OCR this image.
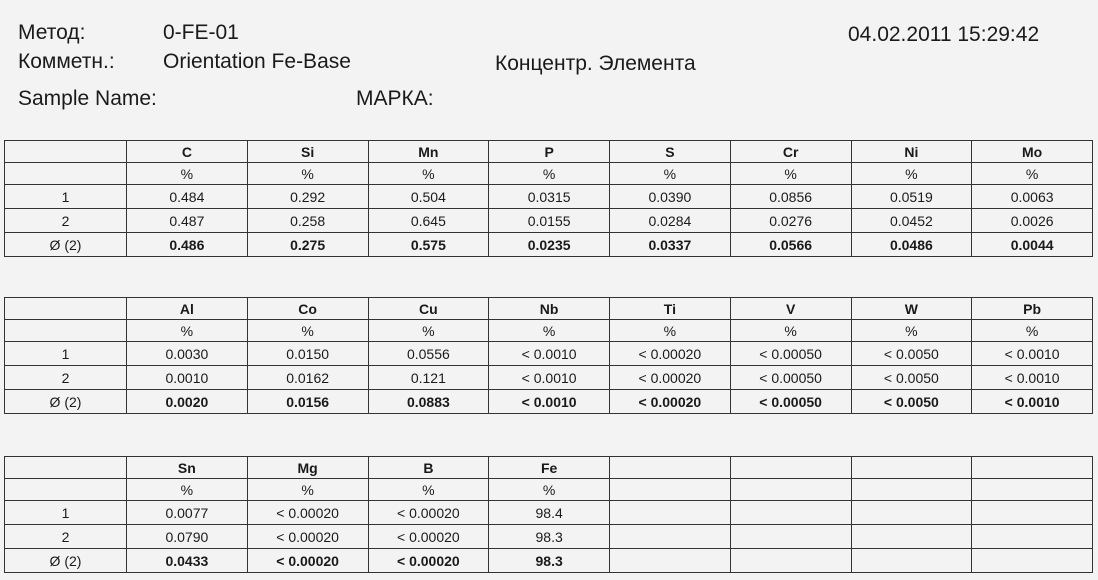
Метод:	0-FE-01
Комметн.: Orientation Fe-Base	Концентр. Элемента
Sample Name:	МАРКА:
04.02.2011 15:29:42
	C	Si	Mn	P	S	Cr	Ni	Mo
	%	%	%	%	%	%	%	%
1	0.484	0.292	0.504	0.0315	0.0390	0.0856	0.0519	0.0063
2	0.487	0.258	0.645	0.0155	0.0284	0.0276	0.0452	0.0026
Ø (2)	0.486	0.275	0.575	0.0235	0.0337	0.0566	0.0486	0.0044
	Al	Co	Cu	Nb	Ti	V	W	Pb
	%	%	%	%	%	%	%	%
1	0.0030	0.0150	0.0556	< 0.0010	< 0.00020	< 0.00050	< 0.0050	< 0.0010
2	0.0010	0.0162	0.121	< 0.0010	< 0.00020	< 0.00050	< 0.0050	< 0.0010
Ø (2)	0.0020	0.0156	0.0883	< 0.0010	< 0.00020	< 0.00050	< 0.0050	< 0.0010
	Sn	Mg	B	Fe				
	%	%	%	%				
1	0.0077	< 0.00020	< 0.00020	98.4				
2	0.0790	< 0.00020	< 0.00020	98.3				
Ø (2)	0.0433	< 0.00020	< 0.00020	98.3				
